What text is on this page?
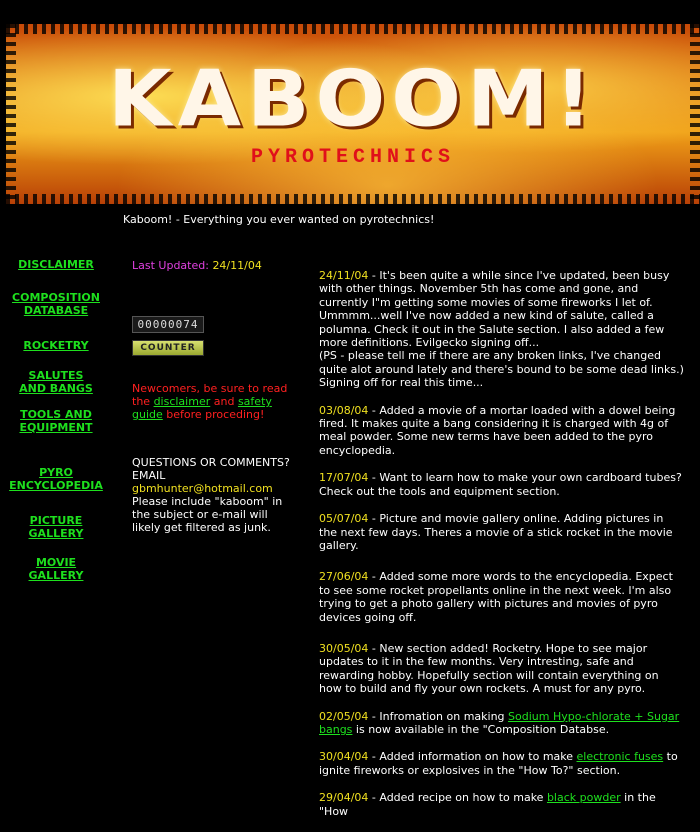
KABOOM!
PYROTECHNICS
Kaboom! - Everything you ever wanted on pyrotechnics!
DISCLAIMER
COMPOSITION DATABASE
ROCKETRY
SALUTES AND BANGS
TOOLS AND EQUIPMENT
PYRO ENCYCLOPEDIA
PICTURE GALLERY
MOVIE GALLERY
Last Updated: 24/11/04
Newcomers, be sure to read the disclaimer and safety guide before proceding!
QUESTIONS OR COMMENTS?
EMAIL
gbmhunter@hotmail.com
Please include "kaboom" in the subject or e-mail will likely get filtered as junk.
00000074
COUNTER
24/11/04 - It's been quite a while since I've updated, been busy with other things. November 5th has come and gone, and currently I"m getting some movies of some fireworks I let of. Ummmm...well I've now added a new kind of salute, called a polumna. Check it out in the Salute section. I also added a few more definitions. Evilgecko signing off...
(PS - please tell me if there are any broken links, I've changed quite alot around lately and there's bound to be some dead links.) Signing off for real this time...
03/08/04 - Added a movie of a mortar loaded with a dowel being fired. It makes quite a bang considering it is charged with 4g of meal powder. Some new terms have been added to the pyro encyclopedia.
17/07/04 - Want to learn how to make your own cardboard tubes? Check out the tools and equipment section.
05/07/04 - Picture and movie gallery online. Adding pictures in the next few days. Theres a movie of a stick rocket in the movie gallery.
27/06/04 - Added some more words to the encyclopedia. Expect to see some rocket propellants online in the next week. I'm also trying to get a photo gallery with pictures and movies of pyro devices going off.
30/05/04 - New section added! Rocketry. Hope to see major updates to it in the few months. Very intresting, safe and rewarding hobby. Hopefully section will contain everything on how to build and fly your own rockets. A must for any pyro.
02/05/04 - Infromation on making Sodium Hypo-chlorate + Sugar bangs is now available in the "Composition Databse.
30/04/04 - Added information on how to make electronic fuses to ignite fireworks or explosives in the "How To?" section.
29/04/04 - Added recipe on how to make black powder in the "How
